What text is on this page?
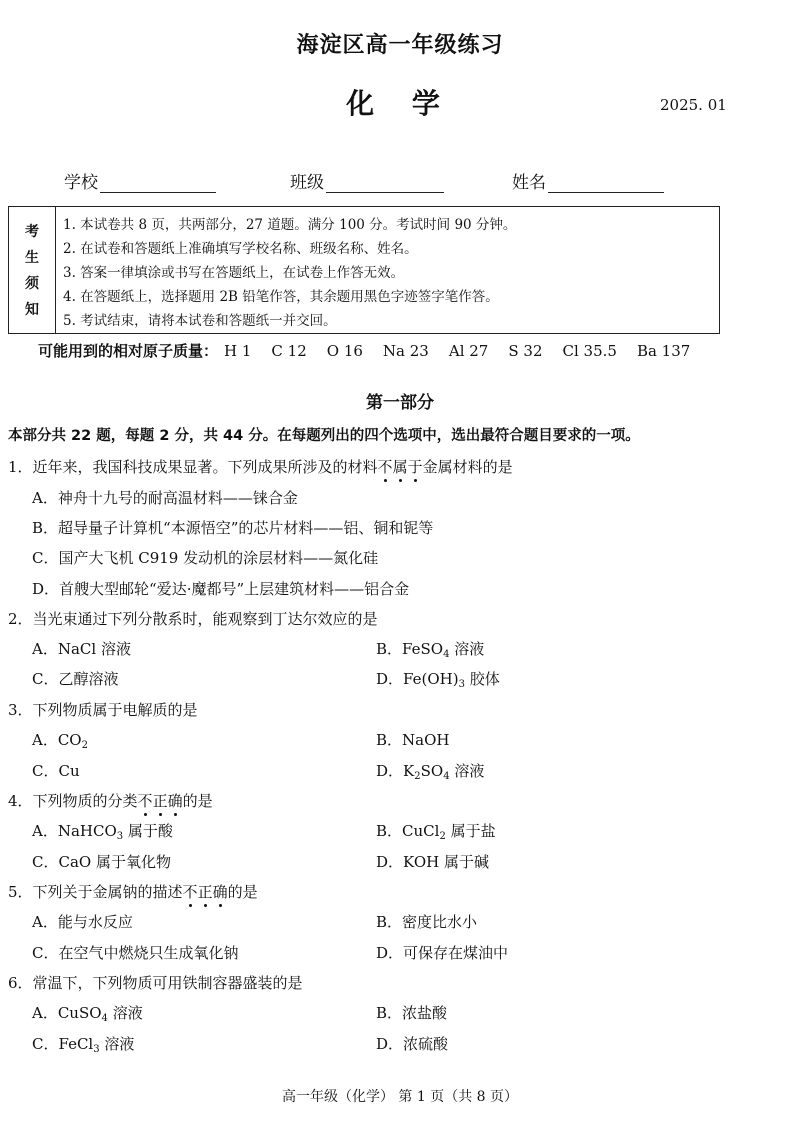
海淀区高一年级练习
化 学	2025. 01
学校	班级	姓名
考
生
须
知
1. 本试卷共 8 页，共两部分，27 道题。满分 100 分。考试时间 90 分钟。
2. 在试卷和答题纸上准确填写学校名称、班级名称、姓名。
3. 答案一律填涂或书写在答题纸上，在试卷上作答无效。
4. 在答题纸上，选择题用 2B 铅笔作答，其余题用黑色字迹签字笔作答。
5. 考试结束，请将本试卷和答题纸一并交回。
可能用到的相对原子质量： H 1 C 12 O 16 Na 23 Al 27 S 32 Cl 35.5 Ba 137
第一部分
本部分共 22 题，每题 2 分，共 44 分。在每题列出的四个选项中，选出最符合题目要求的一项。
1．近年来，我国科技成果显著。下列成果所涉及的材料不属于金属材料的是
A．神舟十九号的耐高温材料——铼合金
B．超导量子计算机“本源悟空”的芯片材料——铝、铜和铌等
C．国产大飞机 C919 发动机的涂层材料——氮化硅
D．首艘大型邮轮“爱达·魔都号”上层建筑材料——铝合金
2．当光束通过下列分散系时，能观察到丁达尔效应的是
A．NaCl 溶液	B．FeSO$_4$ 溶液
C．乙醇溶液	D．$Fe(OH)_3$ 胶体
3．下列物质属于电解质的是
A．$CO_2$	B．NaOH
C．Cu	D．$K_2SO_4$ 溶液
4．下列物质的分类不正确的是
A．NaHCO$_3$ 属于酸	B．CuCl$_2$ 属于盐
C．CaO 属于氧化物	D．KOH 属于碱
5．下列关于金属钠的描述不正确的是
A．能与水反应	B．密度比水小
C．在空气中燃烧只生成氧化钠	D．可保存在煤油中
6．常温下，下列物质可用铁制容器盛装的是
A．CuSO$_4$ 溶液	B．浓盐酸
C．FeCl$_3$ 溶液	D．浓硫酸
高一年级（化学） 第 1 页（共 8 页）
